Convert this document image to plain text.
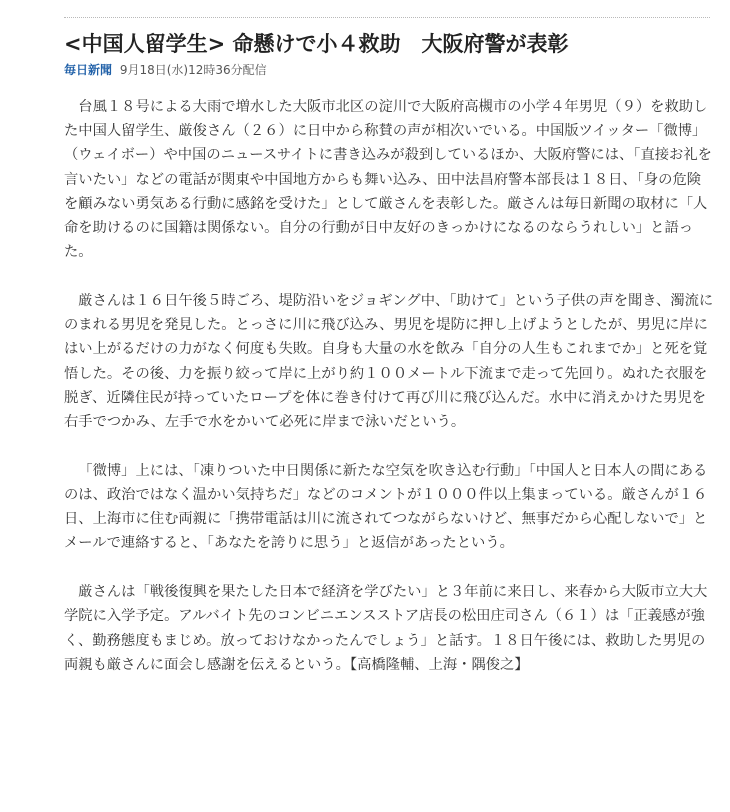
<中国人留学生> 命懸けで小４救助　大阪府警が表彰
毎日新聞 9月18日(水)12時36分配信

台風１８号による大雨で増水した大阪市北区の淀川で大阪府高槻市の小学４年男児（９）を救助した中国人留学生、厳俊さん（２６）に日中から称賛の声が相次いでいる。中国版ツイッター「微博」（ウェイボー）や中国のニュースサイトに書き込みが殺到しているほか、大阪府警には、「直接お礼を言いたい」などの電話が関東や中国地方からも舞い込み、田中法昌府警本部長は１８日、「身の危険を顧みない勇気ある行動に感銘を受けた」として厳さんを表彰した。厳さんは毎日新聞の取材に「人命を助けるのに国籍は関係ない。自分の行動が日中友好のきっかけになるのならうれしい」と語った。

厳さんは１６日午後５時ごろ、堤防沿いをジョギング中、「助けて」という子供の声を聞き、濁流にのまれる男児を発見した。とっさに川に飛び込み、男児を堤防に押し上げようとしたが、男児に岸にはい上がるだけの力がなく何度も失敗。自身も大量の水を飲み「自分の人生もこれまでか」と死を覚悟した。その後、力を振り絞って岸に上がり約１００メートル下流まで走って先回り。ぬれた衣服を脱ぎ、近隣住民が持っていたロープを体に巻き付けて再び川に飛び込んだ。水中に消えかけた男児を右手でつかみ、左手で水をかいて必死に岸まで泳いだという。

「微博」上には、「凍りついた中日関係に新たな空気を吹き込む行動」「中国人と日本人の間にあるのは、政治ではなく温かい気持ちだ」などのコメントが１０００件以上集まっている。厳さんが１６日、上海市に住む両親に「携帯電話は川に流されてつながらないけど、無事だから心配しないで」とメールで連絡すると、「あなたを誇りに思う」と返信があったという。

厳さんは「戦後復興を果たした日本で経済を学びたい」と３年前に来日し、来春から大阪市立大大学院に入学予定。アルバイト先のコンビニエンスストア店長の松田庄司さん（６１）は「正義感が強く、勤務態度もまじめ。放っておけなかったんでしょう」と話す。１８日午後には、救助した男児の両親も厳さんに面会し感謝を伝えるという。【高橋隆輔、上海・隅俊之】
